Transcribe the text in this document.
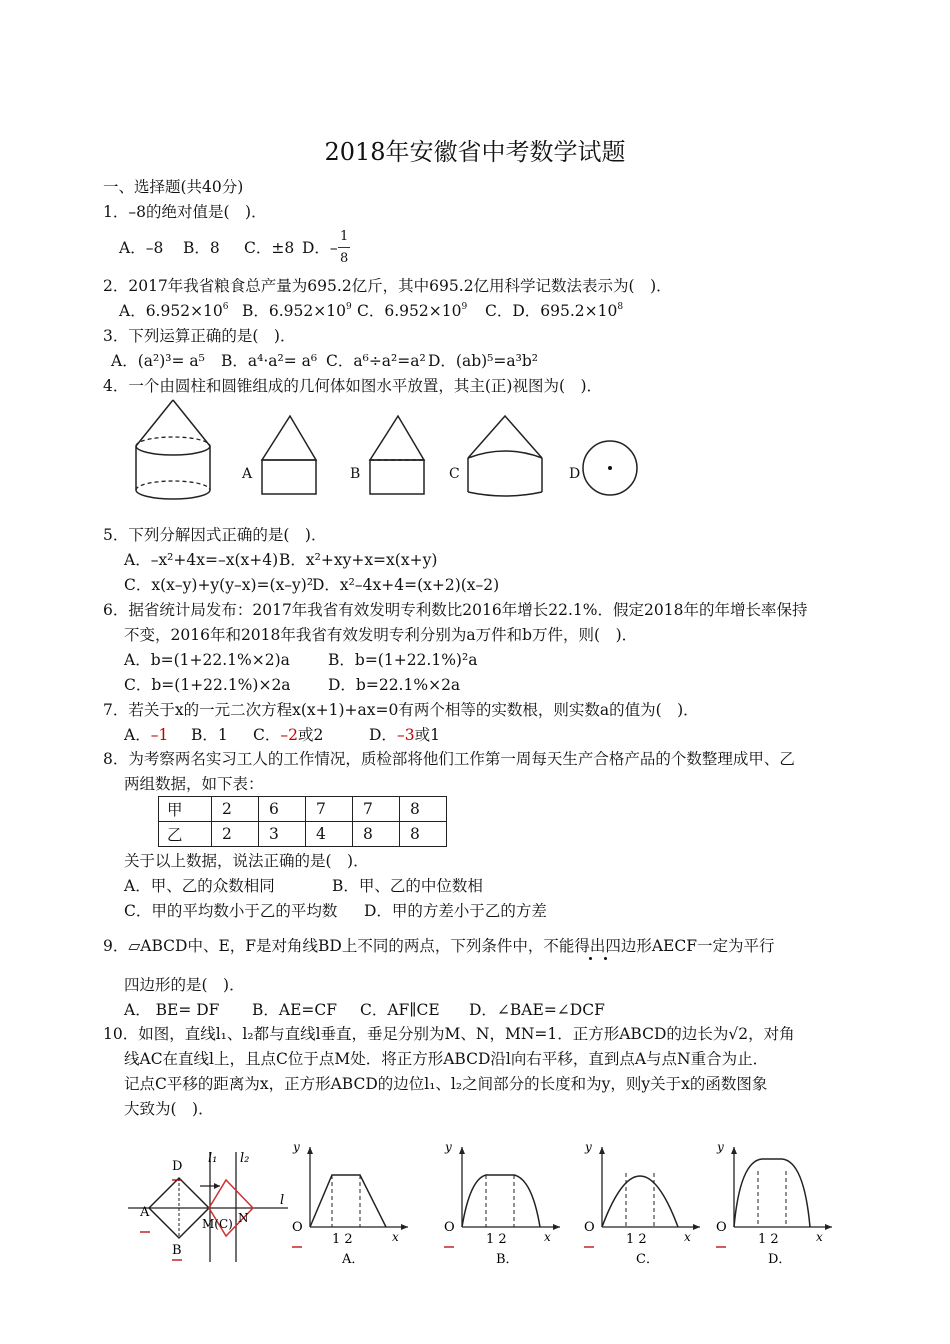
2018年安徽省中考数学试题
一、选择题(共40分)
1．–8的绝对值是(　)．
A．–8 B．8 C．±8 D．–
1
8
2．2017年我省粮食总产量为695.2亿斤，其中695.2亿用科学记数法表示为(　)．
A．$6.952\times 10^6$ B．$6.952\times 10^9$ C．$6.952\times 10^9$ C．D．$695.2\times 10^8$
3．下列运算正确的是(　)．
A．(a²)³= a⁵ B．a⁴·a²= a⁶ C．a⁶÷a²=a² D．(ab)⁵=a³b²
4．一个由圆柱和圆锥组成的几何体如图水平放置，其主(正)视图为(　)．
A	B	C	D
5．下列分解因式正确的是(　)．
A．–x²+4x=–x(x+4) B．x²+xy+x=x(x+y)
C．x(x–y)+y(y–x)=(x–y)²
D．x²–4x+4=(x+2)(x–2)
6．据省统计局发布：2017年我省有效发明专利数比2016年增长22.1%．假定2018年的年增长率保持
不变，2016年和2018年我省有效发明专利分别为a万件和b万件，则(　)．
A．b=(1+22.1%×2)a B．b=(1+22.1%)²a
C．b=(1+22.1%)×2a D．b=22.1%×2a
7．若关于x的一元二次方程x(x+1)+ax=0有两个相等的实数根，则实数a的值为(　)．
A．–1 B．1 C．–2或2	D．–3或1
8．为考察两名实习工人的工作情况，质检部将他们工作第一周每天生产合格产品的个数整理成甲、乙
两组数据，如下表：
甲	2	6	7	7	8
乙	2	3	4	8	8
关于以上数据，说法正确的是(　)．
A．甲、乙的众数相同	B．甲、乙的中位数相
C．甲的平均数小于乙的平均数 D．甲的方差小于乙的方差
9．▱ABCD中、E，F是对角线BD上不同的两点，下列条件中，不能得出四边形AECF一定为平行
四边形的是(　)．
A． BE= DF B．AE=CF C．AF∥CE D．∠BAE=∠DCF
10．如图，直线l₁、l₂都与直线l垂直，垂足分别为M、N，MN=1．正方形ABCD的边长为√2，对角
线AC在直线l上，且点C位于点M处．将正方形ABCD沿l向右平移，直到点A与点N重合为止．
记点C平移的距离为x，正方形ABCD的边位l₁、l₂之间部分的长度和为y，则y关于x的函数图象
大致为(　)．
D
A
B
M(C) N
l₁ l₂
l
y
O
x
1 2
A．
y
O
x
1 2
B．
y
O
x
1 2
C．
y
O
x
1 2
D．
